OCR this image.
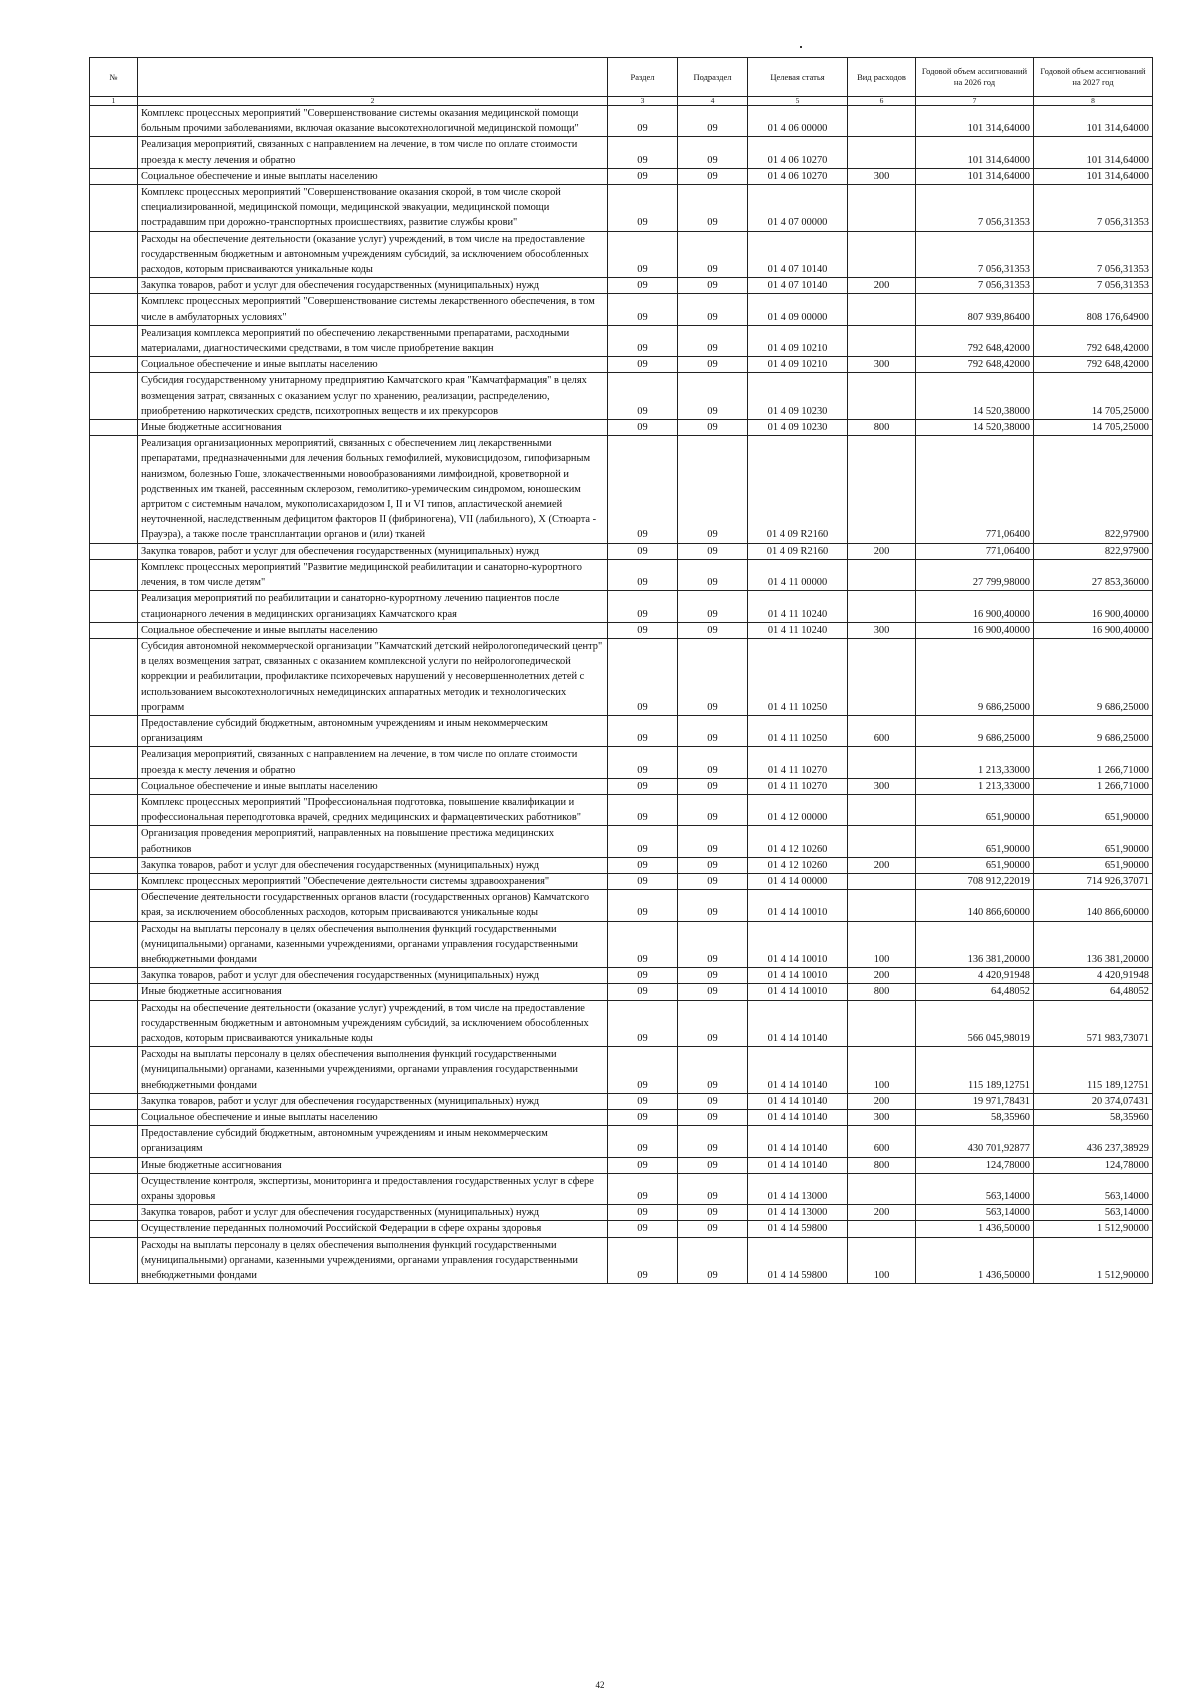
№		Раздел	Подраздел	Целевая статья	Вид расходов	Годовой объем ассигнований на 2026 год	Годовой объем ассигнований на 2027 год
1	2	3	4	5	6	7	8
	Комплекс процессных мероприятий "Совершенствование системы оказания медицинской помощи больным прочими заболеваниями, включая оказание высокотехнологичной медицинской помощи"	09	09	01 4 06 00000		101 314,64000	101 314,64000
	Реализация мероприятий, связанных с направлением на лечение, в том числе по оплате стоимости проезда к месту лечения и обратно	09	09	01 4 06 10270		101 314,64000	101 314,64000
	Социальное обеспечение и иные выплаты населению	09	09	01 4 06 10270	300	101 314,64000	101 314,64000
	Комплекс процессных мероприятий "Совершенствование оказания скорой, в том числе скорой специализированной, медицинской помощи, медицинской эвакуации, медицинской помощи пострадавшим при дорожно-транспортных происшествиях, развитие службы крови"	09	09	01 4 07 00000		7 056,31353	7 056,31353
	Расходы на обеспечение деятельности (оказание услуг) учреждений, в том числе на предоставление государственным бюджетным и автономным учреждениям субсидий, за исключением обособленных расходов, которым присваиваются уникальные коды	09	09	01 4 07 10140		7 056,31353	7 056,31353
	Закупка товаров, работ и услуг для обеспечения государственных (муниципальных) нужд	09	09	01 4 07 10140	200	7 056,31353	7 056,31353
	Комплекс процессных мероприятий "Совершенствование системы лекарственного обеспечения, в том числе в амбулаторных условиях"	09	09	01 4 09 00000		807 939,86400	808 176,64900
	Реализация комплекса мероприятий по обеспечению лекарственными препаратами, расходными материалами, диагностическими средствами, в том числе приобретение вакцин	09	09	01 4 09 10210		792 648,42000	792 648,42000
	Социальное обеспечение и иные выплаты населению	09	09	01 4 09 10210	300	792 648,42000	792 648,42000
	Субсидия государственному унитарному предприятию Камчатского края "Камчатфармация" в целях возмещения затрат, связанных с оказанием услуг по хранению, реализации, распределению, приобретению наркотических средств, психотропных веществ и их прекурсоров	09	09	01 4 09 10230		14 520,38000	14 705,25000
	Иные бюджетные ассигнования	09	09	01 4 09 10230	800	14 520,38000	14 705,25000
	Реализация организационных мероприятий, связанных с обеспечением лиц лекарственными препаратами, предназначенными для лечения больных гемофилией, муковисцидозом, гипофизарным нанизмом, болезнью Гоше, злокачественными новообразованиями лимфоидной, кроветворной и родственных им тканей, рассеянным склерозом, гемолитико-уремическим синдромом, юношеским артритом с системным началом, мукополисахаридозом I, II и VI типов, апластической анемией неуточненной, наследственным дефицитом факторов II (фибриногена), VII (лабильного), X (Стюарта - Прауэра), а также после трансплантации органов и (или) тканей	09	09	01 4 09 R2160		771,06400	822,97900
	Закупка товаров, работ и услуг для обеспечения государственных (муниципальных) нужд	09	09	01 4 09 R2160	200	771,06400	822,97900
	Комплекс процессных мероприятий "Развитие медицинской реабилитации и санаторно-курортного лечения, в том числе детям"	09	09	01 4 11 00000		27 799,98000	27 853,36000
	Реализация мероприятий по реабилитации и санаторно-курортному лечению пациентов после стационарного лечения в медицинских организациях Камчатского края	09	09	01 4 11 10240		16 900,40000	16 900,40000
	Социальное обеспечение и иные выплаты населению	09	09	01 4 11 10240	300	16 900,40000	16 900,40000
	Субсидия автономной некоммерческой организации "Камчатский детский нейрологопедический центр" в целях возмещения затрат, связанных с оказанием комплексной услуги по нейрологопедической коррекции и реабилитации, профилактике психоречевых нарушений у несовершеннолетних детей с использованием высокотехнологичных немедицинских аппаратных методик и технологических программ	09	09	01 4 11 10250		9 686,25000	9 686,25000
	Предоставление субсидий бюджетным, автономным учреждениям и иным некоммерческим организациям	09	09	01 4 11 10250	600	9 686,25000	9 686,25000
	Реализация мероприятий, связанных с направлением на лечение, в том числе по оплате стоимости проезда к месту лечения и обратно	09	09	01 4 11 10270		1 213,33000	1 266,71000
	Социальное обеспечение и иные выплаты населению	09	09	01 4 11 10270	300	1 213,33000	1 266,71000
	Комплекс процессных мероприятий "Профессиональная подготовка, повышение квалификации и профессиональная переподготовка врачей, средних медицинских и фармацевтических работников"	09	09	01 4 12 00000		651,90000	651,90000
	Организация проведения мероприятий, направленных на повышение престижа медицинских работников	09	09	01 4 12 10260		651,90000	651,90000
	Закупка товаров, работ и услуг для обеспечения государственных (муниципальных) нужд	09	09	01 4 12 10260	200	651,90000	651,90000
	Комплекс процессных мероприятий "Обеспечение деятельности системы здравоохранения"	09	09	01 4 14 00000		708 912,22019	714 926,37071
	Обеспечение деятельности государственных органов власти (государственных органов) Камчатского края, за исключением обособленных расходов, которым присваиваются уникальные коды	09	09	01 4 14 10010		140 866,60000	140 866,60000
	Расходы на выплаты персоналу в целях обеспечения выполнения функций государственными (муниципальными) органами, казенными учреждениями, органами управления государственными внебюджетными фондами	09	09	01 4 14 10010	100	136 381,20000	136 381,20000
	Закупка товаров, работ и услуг для обеспечения государственных (муниципальных) нужд	09	09	01 4 14 10010	200	4 420,91948	4 420,91948
	Иные бюджетные ассигнования	09	09	01 4 14 10010	800	64,48052	64,48052
	Расходы на обеспечение деятельности (оказание услуг) учреждений, в том числе на предоставление государственным бюджетным и автономным учреждениям субсидий, за исключением обособленных расходов, которым присваиваются уникальные коды	09	09	01 4 14 10140		566 045,98019	571 983,73071
	Расходы на выплаты персоналу в целях обеспечения выполнения функций государственными (муниципальными) органами, казенными учреждениями, органами управления государственными внебюджетными фондами	09	09	01 4 14 10140	100	115 189,12751	115 189,12751
	Закупка товаров, работ и услуг для обеспечения государственных (муниципальных) нужд	09	09	01 4 14 10140	200	19 971,78431	20 374,07431
	Социальное обеспечение и иные выплаты населению	09	09	01 4 14 10140	300	58,35960	58,35960
	Предоставление субсидий бюджетным, автономным учреждениям и иным некоммерческим организациям	09	09	01 4 14 10140	600	430 701,92877	436 237,38929
	Иные бюджетные ассигнования	09	09	01 4 14 10140	800	124,78000	124,78000
	Осуществление контроля, экспертизы, мониторинга и предоставления государственных услуг в сфере охраны здоровья	09	09	01 4 14 13000		563,14000	563,14000
	Закупка товаров, работ и услуг для обеспечения государственных (муниципальных) нужд	09	09	01 4 14 13000	200	563,14000	563,14000
	Осуществление переданных полномочий Российской Федерации в сфере охраны здоровья	09	09	01 4 14 59800		1 436,50000	1 512,90000
	Расходы на выплаты персоналу в целях обеспечения выполнения функций государственными (муниципальными) органами, казенными учреждениями, органами управления государственными внебюджетными фондами	09	09	01 4 14 59800	100	1 436,50000	1 512,90000
42
